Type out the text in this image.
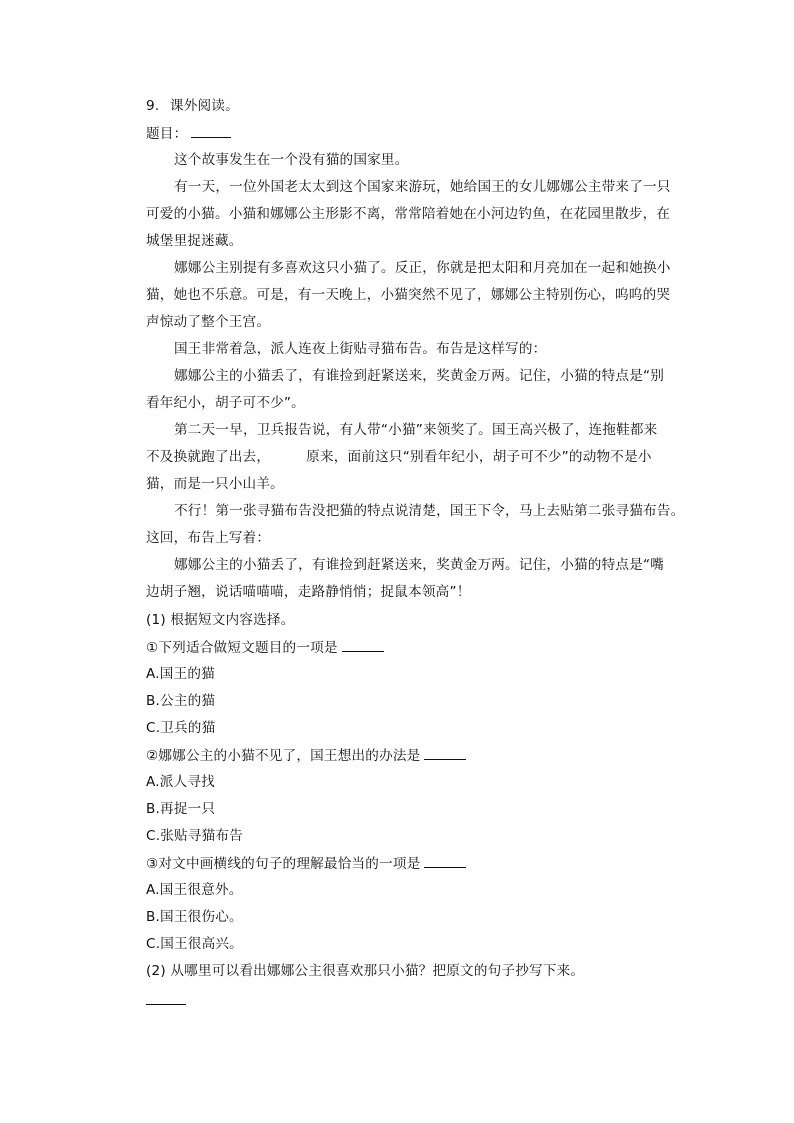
9. 课外阅读。
题目：
这个故事发生在一个没有猫的国家里。
有一天，一位外国老太太到这个国家来游玩，她给国王的女儿娜娜公主带来了一只
可爱的小猫。小猫和娜娜公主形影不离，常常陪着她在小河边钓鱼，在花园里散步，在
城堡里捉迷藏。
娜娜公主别提有多喜欢这只小猫了。反正，你就是把太阳和月亮加在一起和她换小
猫，她也不乐意。可是，有一天晚上，小猫突然不见了，娜娜公主特别伤心，呜呜的哭
声惊动了整个王宫。
国王非常着急，派人连夜上街贴寻猫布告。布告是这样写的：
娜娜公主的小猫丢了，有谁捡到赶紧送来，奖黄金万两。记住，小猫的特点是“别
看年纪小，胡子可不少”。
第二天一早，卫兵报告说，有人带“小猫”来领奖了。国王高兴极了，连拖鞋都来
不及换就跑了出去，	原来，面前这只“别看年纪小，胡子可不少”的动物不是小
猫，而是一只小山羊。
不行！第一张寻猫布告没把猫的特点说清楚，国王下令，马上去贴第二张寻猫布告。
这回，布告上写着：
娜娜公主的小猫丢了，有谁捡到赶紧送来，奖黄金万两。记住，小猫的特点是“嘴
边胡子翘，说话喵喵喵，走路静悄悄；捉鼠本领高”！
(1) 根据短文内容选择。
①下列适合做短文题目的一项是
A.国王的猫
B.公主的猫
C.卫兵的猫
②娜娜公主的小猫不见了，国王想出的办法是
A.派人寻找
B.再捉一只
C.张贴寻猫布告
③对文中画横线的句子的理解最恰当的一项是
A.国王很意外。
B.国王很伤心。
C.国王很高兴。
(2) 从哪里可以看出娜娜公主很喜欢那只小猫？把原文的句子抄写下来。
